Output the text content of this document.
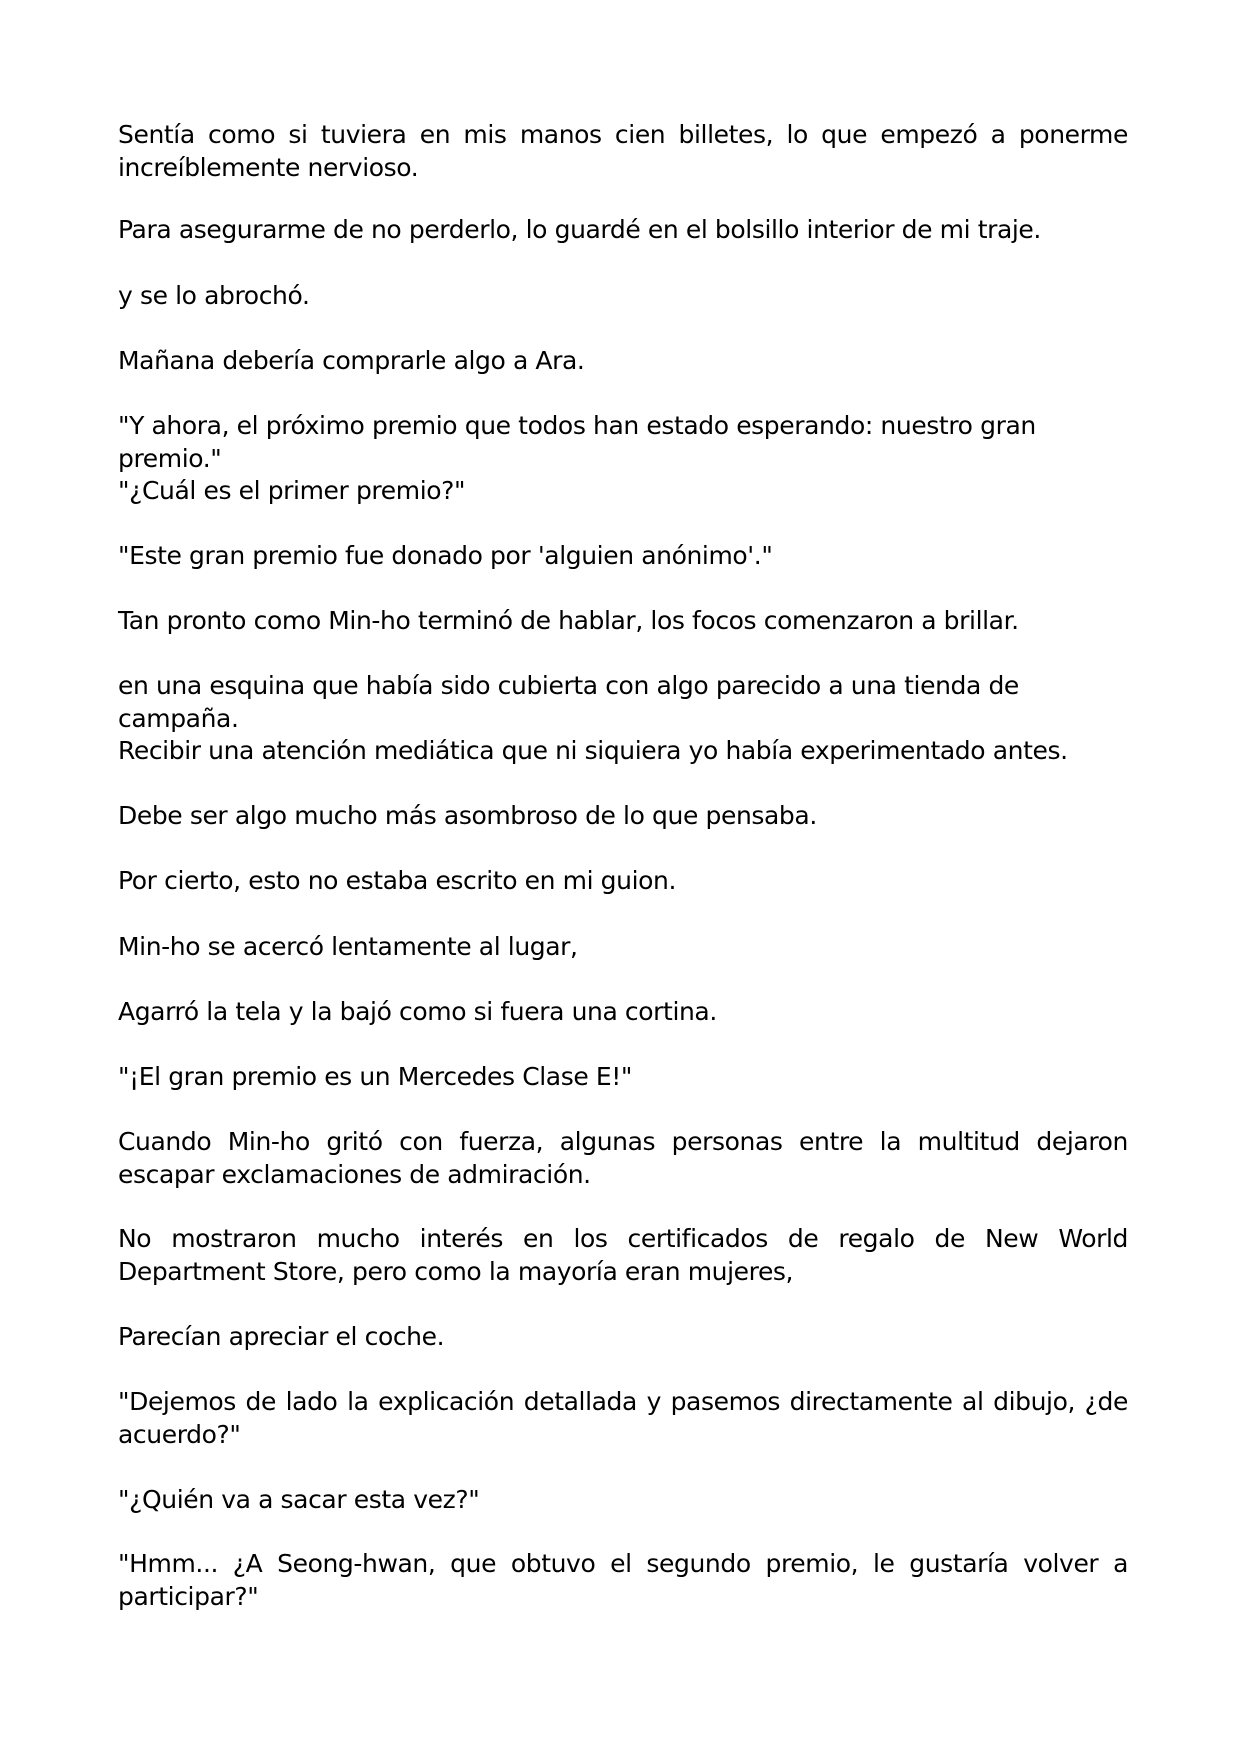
Sentía como si tuviera en mis manos cien billetes, lo que empezó a ponerme increíblemente nervioso.

Para asegurarme de no perderlo, lo guardé en el bolsillo interior de mi traje.

y se lo abrochó.

Mañana debería comprarle algo a Ara.

"Y ahora, el próximo premio que todos han estado esperando: nuestro gran premio."

"¿Cuál es el primer premio?"

"Este gran premio fue donado por 'alguien anónimo'."

Tan pronto como Min-ho terminó de hablar, los focos comenzaron a brillar.

en una esquina que había sido cubierta con algo parecido a una tienda de campaña.

Recibir una atención mediática que ni siquiera yo había experimentado antes.

Debe ser algo mucho más asombroso de lo que pensaba.

Por cierto, esto no estaba escrito en mi guion.

Min-ho se acercó lentamente al lugar,

Agarró la tela y la bajó como si fuera una cortina.

"¡El gran premio es un Mercedes Clase E!"

Cuando Min-ho gritó con fuerza, algunas personas entre la multitud dejaron escapar exclamaciones de admiración.

No mostraron mucho interés en los certificados de regalo de New World Department Store, pero como la mayoría eran mujeres,

Parecían apreciar el coche.

"Dejemos de lado la explicación detallada y pasemos directamente al dibujo, ¿de acuerdo?"

"¿Quién va a sacar esta vez?"

"Hmm... ¿A Seong-hwan, que obtuvo el segundo premio, le gustaría volver a participar?"
